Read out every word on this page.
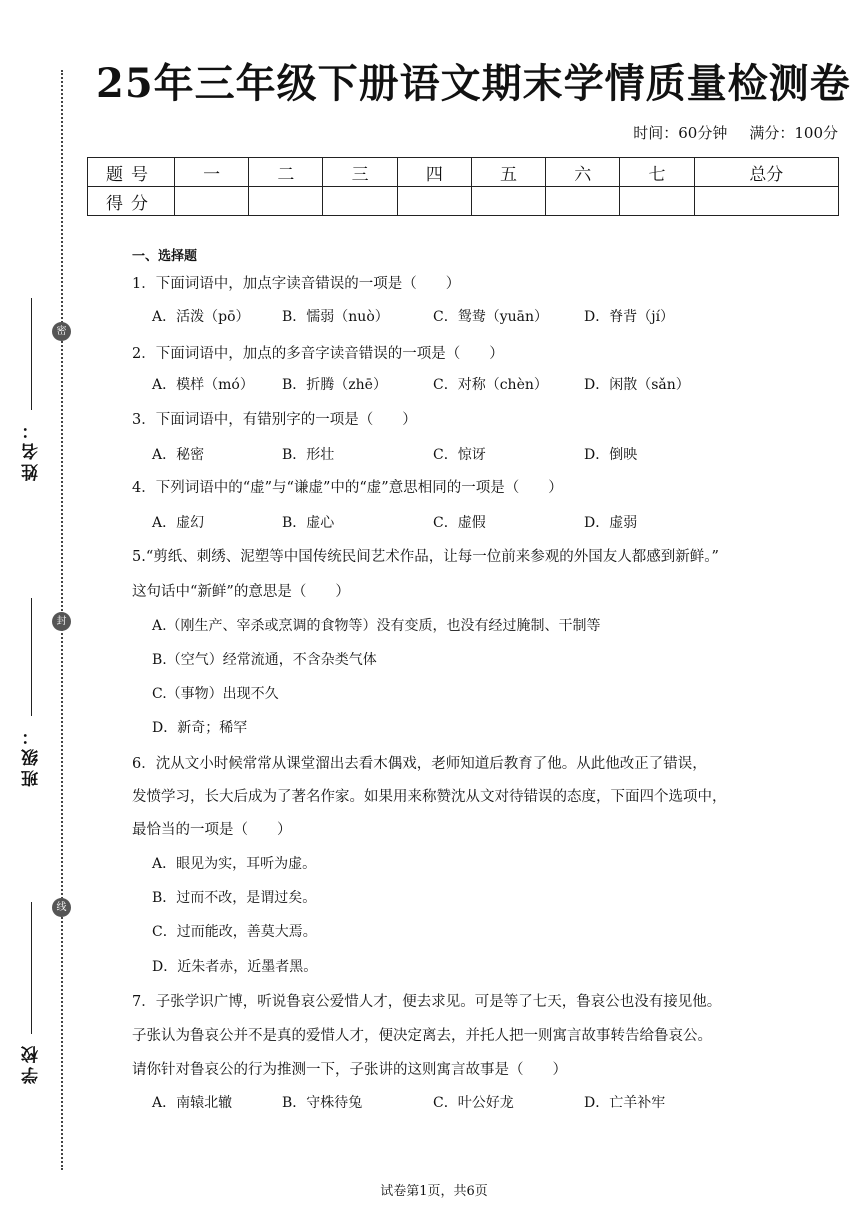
密
封
线
姓名：
班级：
学校
25年三年级下册语文期末学情质量检测卷
时间：60分钟 满分：100分
题号	一	二	三	四	五	六	七	总分
得分								
一、选择题
1．下面词语中，加点字读音错误的一项是（　　）
A．活泼（pō） B．懦弱（nuò）	C．鸳鸯（yuān）	D．脊背（jí）
2．下面词语中，加点的多音字读音错误的一项是（　　）
A．模样（mó） B．折腾（zhē）	C．对称（chèn）	D．闲散（sǎn）
3．下面词语中，有错别字的一项是（　　）
A．秘密	B．形壮	C．惊讶	D．倒映
4．下列词语中的“虚”与“谦虚”中的“虚”意思相同的一项是（　　）
A．虚幻	B．虚心	C．虚假	D．虚弱
5.“剪纸、刺绣、泥塑等中国传统民间艺术作品，让每一位前来参观的外国友人都感到新鲜。”
这句话中“新鲜”的意思是（　　）
A.（刚生产、宰杀或烹调的食物等）没有变质，也没有经过腌制、干制等
B.（空气）经常流通，不含杂类气体
C.（事物）出现不久
D．新奇；稀罕
6．沈从文小时候常常从课堂溜出去看木偶戏，老师知道后教育了他。从此他改正了错误，
发愤学习，长大后成为了著名作家。如果用来称赞沈从文对待错误的态度，下面四个选项中，
最恰当的一项是（　　）
A．眼见为实，耳听为虚。
B．过而不改，是谓过矣。
C．过而能改，善莫大焉。
D．近朱者赤，近墨者黑。
7．子张学识广博，听说鲁哀公爱惜人才，便去求见。可是等了七天，鲁哀公也没有接见他。
子张认为鲁哀公并不是真的爱惜人才，便决定离去，并托人把一则寓言故事转告给鲁哀公。
请你针对鲁哀公的行为推测一下，子张讲的这则寓言故事是（　　）
A．南辕北辙	B．守株待兔	C．叶公好龙	D．亡羊补牢
试卷第1页，共6页
